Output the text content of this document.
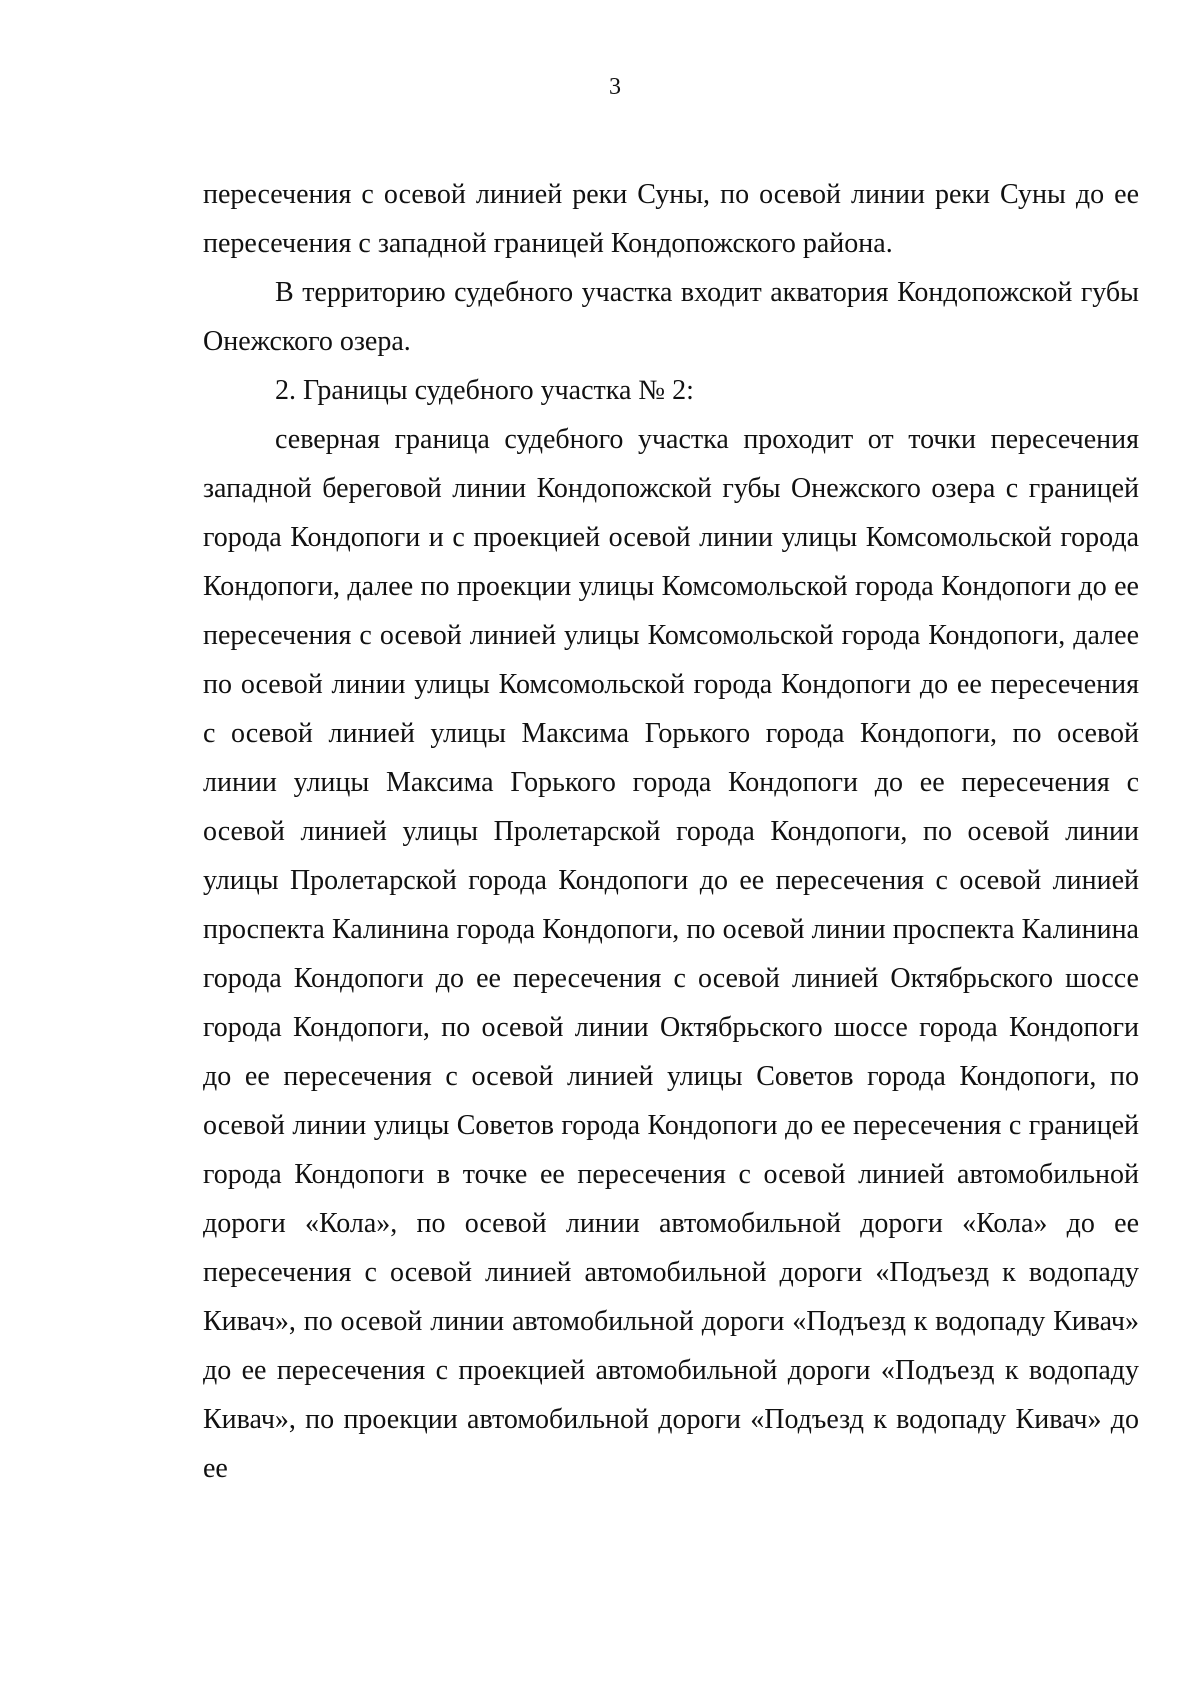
3

пересечения с осевой линией реки Суны, по осевой линии реки Суны до ее пересечения с западной границей Кондопожского района.

В территорию судебного участка входит акватория Кондопожской губы Онежского озера.

2. Границы судебного участка № 2:

северная граница судебного участка проходит от точки пересечения западной береговой линии Кондопожской губы Онежского озера с границей города Кондопоги и с проекцией осевой линии улицы Комсомольской города Кондопоги, далее по проекции улицы Комсомольской города Кондопоги до ее пересечения с осевой линией улицы Комсомольской города Кондопоги, далее по осевой линии улицы Комсомольской города Кондопоги до ее пересечения с осевой линией улицы Максима Горького города Кондопоги, по осевой линии улицы Максима Горького города Кондопоги до ее пересечения с осевой линией улицы Пролетарской города Кондопоги, по осевой линии улицы Пролетарской города Кондопоги до ее пересечения с осевой линией проспекта Калинина города Кондопоги, по осевой линии проспекта Калинина города Кондопоги до ее пересечения с осевой линией Октябрьского шоссе города Кондопоги, по осевой линии Октябрьского шоссе города Кондопоги до ее пересечения с осевой линией улицы Советов города Кондопоги, по осевой линии улицы Советов города Кондопоги до ее пересечения с границей города Кондопоги в точке ее пересечения с осевой линией автомобильной дороги «Кола», по осевой линии автомобильной дороги «Кола» до ее пересечения с осевой линией автомобильной дороги «Подъезд к водопаду Кивач», по осевой линии автомобильной дороги «Подъезд к водопаду Кивач» до ее пересечения с проекцией автомобильной дороги «Подъезд к водопаду Кивач», по проекции автомобильной дороги «Подъезд к водопаду Кивач» до ее
